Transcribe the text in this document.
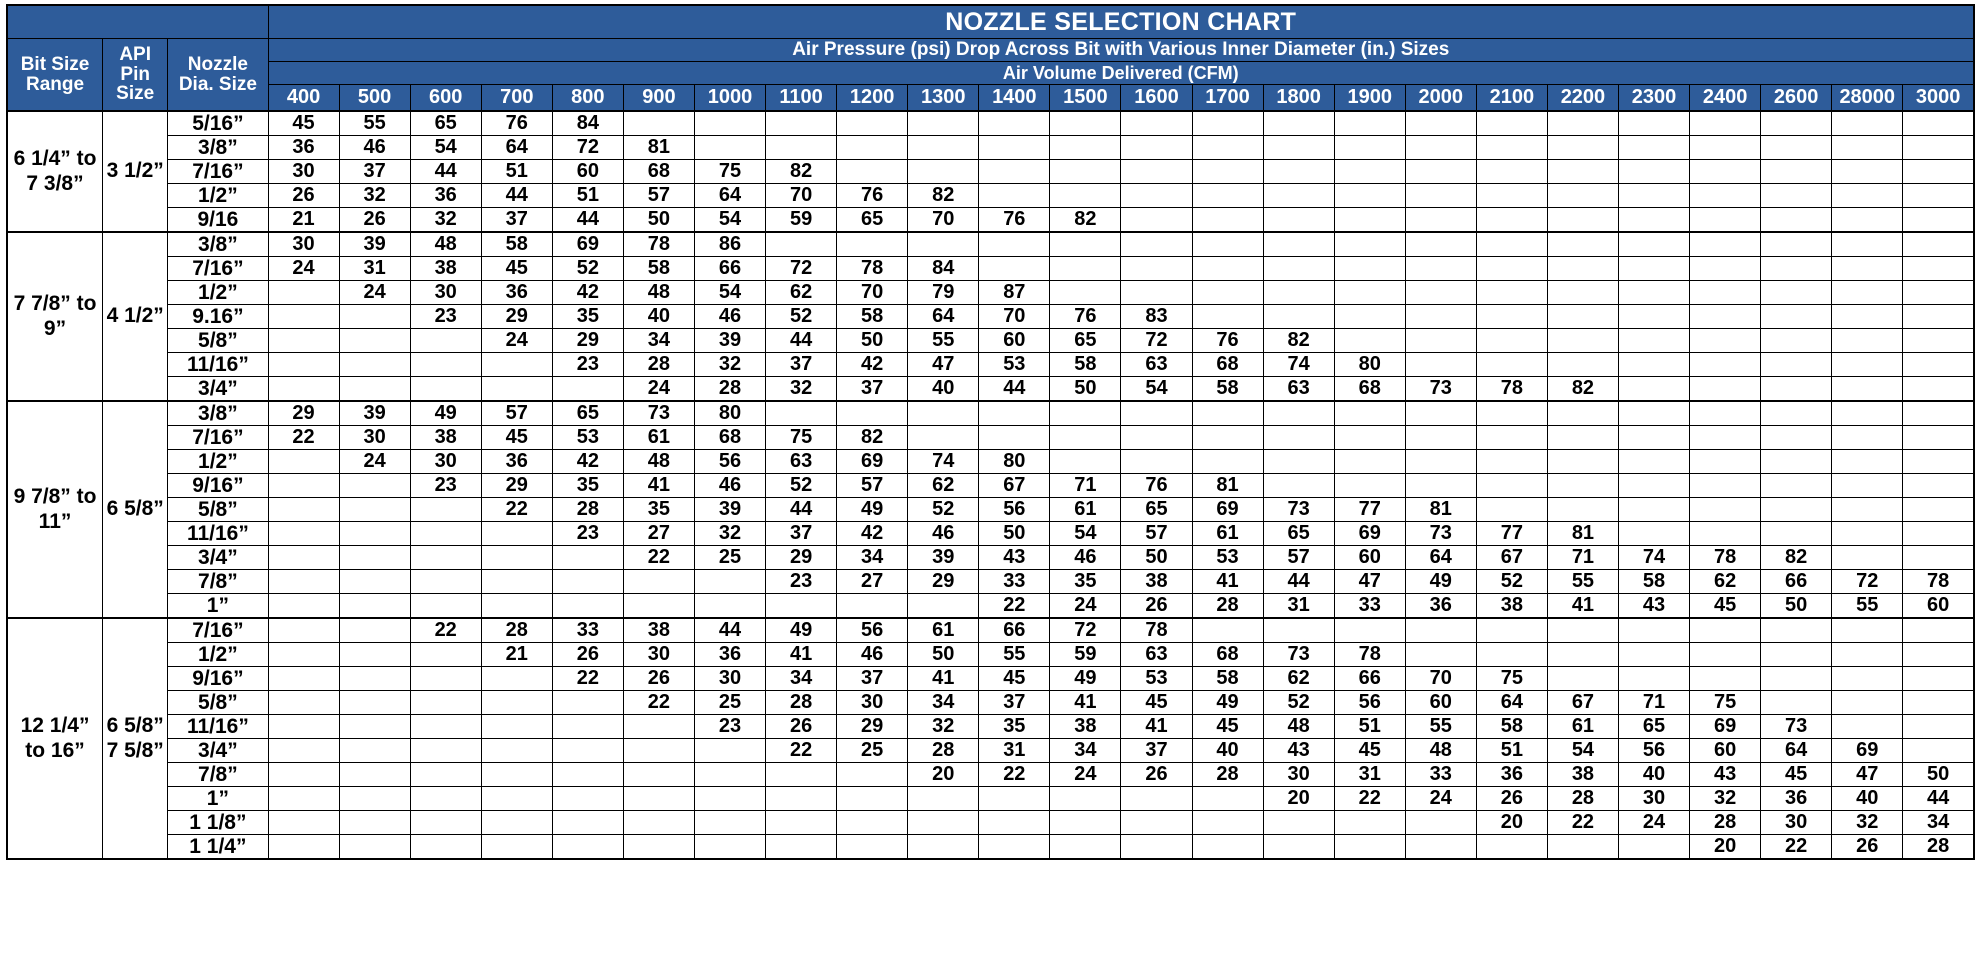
			NOZZLE SELECTION CHART																							

Bit Size
Range

API
Pin
Size

Nozzle
Dia. Size
	Air Pressure (psi) Drop Across Bit with Various Inner Diameter (in.) Sizes
			Air Volume Delivered (CFM)																							
			400	500	600	700	800	900	1000	1100	1200	1300	1400	1500	1600	1700	1800	1900	2000	2100	2200	2300	2400	2600	28000	3000

6 1/4” to
7 3/8”	3 1/2”	5/16”	45	55	65	76	84																			
		3/8”	36	46	54	64	72	81																		
		7/16”	30	37	44	51	60	68	75	82																
		1/2”	26	32	36	44	51	57	64	70	76	82														
		9/16	21	26	32	37	44	50	54	59	65	70	76	82												

7 7/8” to
9”	4 1/2”	3/8”	30	39	48	58	69	78	86																	
		7/16”	24	31	38	45	52	58	66	72	78	84														
		1/2”		24	30	36	42	48	54	62	70	79	87													
		9.16”			23	29	35	40	46	52	58	64	70	76	83											
		5/8”				24	29	34	39	44	50	55	60	65	72	76	82									
		11/16”					23	28	32	37	42	47	53	58	63	68	74	80								
		3/4”						24	28	32	37	40	44	50	54	58	63	68	73	78	82					

9 7/8” to
11”	6 5/8”	3/8”	29	39	49	57	65	73	80																	
		7/16”	22	30	38	45	53	61	68	75	82															
		1/2”		24	30	36	42	48	56	63	69	74	80													
		9/16”			23	29	35	41	46	52	57	62	67	71	76	81										
		5/8”				22	28	35	39	44	49	52	56	61	65	69	73	77	81							
		11/16”					23	27	32	37	42	46	50	54	57	61	65	69	73	77	81					
		3/4”						22	25	29	34	39	43	46	50	53	57	60	64	67	71	74	78	82		
		7/8”								23	27	29	33	35	38	41	44	47	49	52	55	58	62	66	72	78
		1”											22	24	26	28	31	33	36	38	41	43	45	50	55	60

12 1/4”
to 16”

6 5/8”
7 5/8”
	7/16”			22	28	33	38	44	49	56	61	66	72	78											
		1/2”				21	26	30	36	41	46	50	55	59	63	68	73	78								
		9/16”					22	26	30	34	37	41	45	49	53	58	62	66	70	75						
		5/8”						22	25	28	30	34	37	41	45	49	52	56	60	64	67	71	75			
		11/16”							23	26	29	32	35	38	41	45	48	51	55	58	61	65	69	73		
		3/4”								22	25	28	31	34	37	40	43	45	48	51	54	56	60	64	69	
		7/8”										20	22	24	26	28	30	31	33	36	38	40	43	45	47	50
		1”															20	22	24	26	28	30	32	36	40	44
		1 1/8”																		20	22	24	28	30	32	34
		1 1/4”																					20	22	26	28
